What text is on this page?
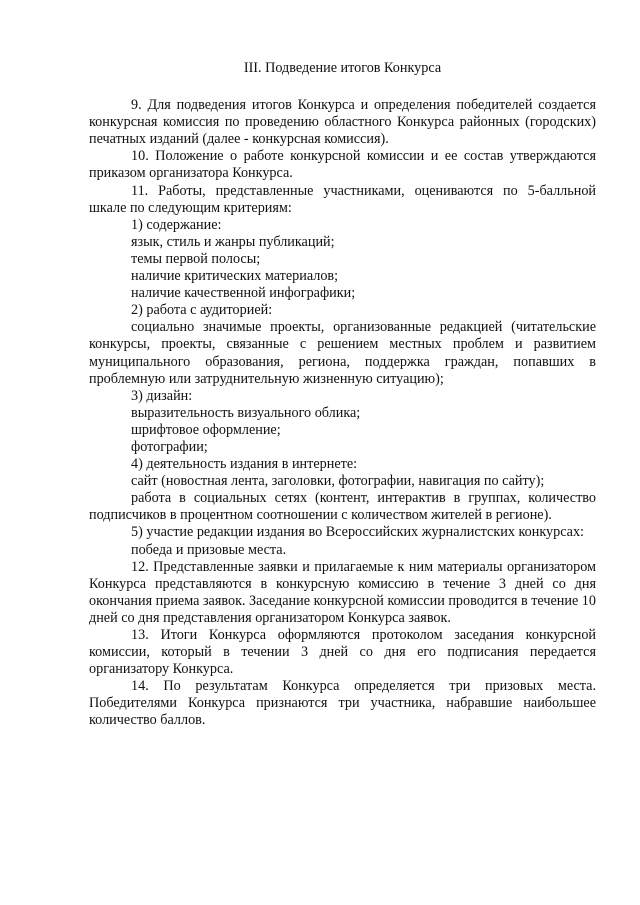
III. Подведение итогов Конкурса

9. Для подведения итогов Конкурса и определения победителей создается конкурсная комиссия по проведению областного Конкурса районных (городских) печатных изданий (далее - конкурсная комиссия).

10. Положение о работе конкурсной комиссии и ее состав утверждаются приказом организатора Конкурса.

11. Работы, представленные участниками, оцениваются по 5-балльной шкале по следующим критериям:

1) содержание:

язык, стиль и жанры публикаций;

темы первой полосы;

наличие критических материалов;

наличие качественной инфографики;

2) работа с аудиторией:

социально значимые проекты, организованные редакцией (читательские конкурсы, проекты, связанные с решением местных проблем и развитием муниципального образования, региона, поддержка граждан, попавших в проблемную или затруднительную жизненную ситуацию);

3) дизайн:

выразительность визуального облика;

шрифтовое оформление;

фотографии;

4) деятельность издания в интернете:

сайт (новостная лента, заголовки, фотографии, навигация по сайту);

работа в социальных сетях (контент, интерактив в группах, количество подписчиков в процентном соотношении с количеством жителей в регионе).

5) участие редакции издания во Всероссийских журналистских конкурсах:

победа и призовые места.

12. Представленные заявки и прилагаемые к ним материалы организатором Конкурса представляются в конкурсную комиссию в течение 3 дней со дня окончания приема заявок. Заседание конкурсной комиссии проводится в течение 10 дней со дня представления организатором Конкурса заявок.

13. Итоги Конкурса оформляются протоколом заседания конкурсной комиссии, который в течении 3 дней со дня его подписания передается организатору Конкурса.

14. По результатам Конкурса определяется три призовых места. Победителями Конкурса признаются три участника, набравшие наибольшее количество баллов.
